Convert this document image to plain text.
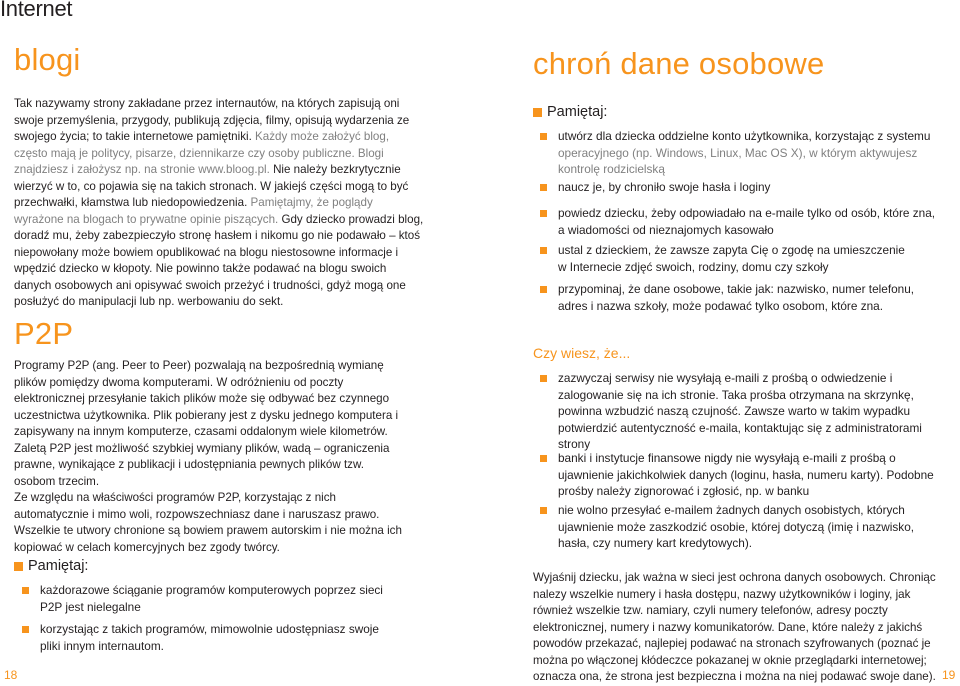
Internet
blogi

Tak nazywamy strony zakładane przez internautów, na których zapisują oni swoje przemyślenia, przygody, publikują zdjęcia, filmy, opisują wydarzenia ze swojego życia; to takie internetowe pamiętniki. Każdy może założyć blog, często mają je politycy, pisarze, dziennikarze czy osoby publiczne. Blogi znajdziesz i założysz np. na stronie www.bloog.pl. Nie należy bezkrytycznie wierzyć w to, co pojawia się na takich stronach. W jakiejś części mogą to być przechwałki, kłamstwa lub niedopowiedzenia. Pamiętajmy, że poglądy wyrażone na blogach to prywatne opinie piszących. Gdy dziecko prowadzi blog, doradź mu, żeby zabezpieczyło stronę hasłem i nikomu go nie podawało – ktoś niepowołany może bowiem opublikować na blogu niestosowne informacje i wpędzić dziecko w kłopoty. Nie powinno także podawać na blogu swoich danych osobowych ani opisywać swoich przeżyć i trudności, gdyż mogą one posłużyć do manipulacji lub np. werbowaniu do sekt.

P2P

Programy P2P (ang. Peer to Peer) pozwalają na bezpośrednią wymianę plików pomiędzy dwoma komputerami. W odróżnieniu od poczty elektronicznej przesyłanie takich plików może się odbywać bez czynnego uczestnictwa użytkownika. Plik pobierany jest z dysku jednego komputera i zapisywany na innym komputerze, czasami oddalonym wiele kilometrów. Zaletą P2P jest możliwość szybkiej wymiany plików, wadą – ograniczenia prawne, wynikające z publikacji i udostępniania pewnych plików tzw. osobom trzecim.

Ze względu na właściwości programów P2P, korzystając z nich automatycznie i mimo woli, rozpowszechniasz dane i naruszasz prawo. Wszelkie te utwory chronione są bowiem prawem autorskim i nie można ich kopiować w celach komercyjnych bez zgody twórcy.

Pamiętaj:
każdorazowe ściąganie programów komputerowych poprzez sieci P2P jest nielegalne
korzystając z takich programów, mimowolnie udostępniasz swoje pliki innym internautom.
18
chroń dane osobowe
Pamiętaj:
utwórz dla dziecka oddzielne konto użytkownika, korzystając z systemu
operacyjnego (np. Windows, Linux, Mac OS X), w którym aktywujesz kontrolę rodzicielską
naucz je, by chroniło swoje hasła i loginy
powiedz dziecku, żeby odpowiadało na e-maile tylko od osób, które zna,
a wiadomości od nieznajomych kasowało
ustal z dzieckiem, że zawsze zapyta Cię o zgodę na umieszczenie
w Internecie zdjęć swoich, rodziny, domu czy szkoły
przypominaj, że dane osobowe, takie jak: nazwisko, numer telefonu,
adres i nazwa szkoły, może podawać tylko osobom, które zna.
Czy wiesz, że...
zazwyczaj serwisy nie wysyłają e-maili z prośbą o odwiedzenie i zalogowanie się na ich stronie. Taka prośba otrzymana na skrzynkę, powinna wzbudzić naszą czujność. Zawsze warto w takim wypadku potwierdzić autentyczność e-maila, kontaktując się z administratorami strony
banki i instytucje finansowe nigdy nie wysyłają e-maili z prośbą o ujawnienie jakichkolwiek danych (loginu, hasła, numeru karty). Podobne prośby należy zignorować i zgłosić, np. w banku
nie wolno przesyłać e-mailem żadnych danych osobistych, których ujawnienie może zaszkodzić osobie, której dotyczą (imię i nazwisko, hasła, czy numery kart kredytowych).

Wyjaśnij dziecku, jak ważna w sieci jest ochrona danych osobowych. Chroniąc nalezy wszelkie numery i hasła dostępu, nazwy użytkowników i loginy, jak również wszelkie tzw. namiary, czyli numery telefonów, adresy poczty elektronicznej, numery i nazwy komunikatorów. Dane, które należy z jakichś powodów przekazać, najlepiej podawać na stronach szyfrowanych (poznać je można po włączonej kłódeczce pokazanej w oknie przeglądarki internetowej; oznacza ona, że strona jest bezpieczna i można na niej podawać swoje dane). 19
